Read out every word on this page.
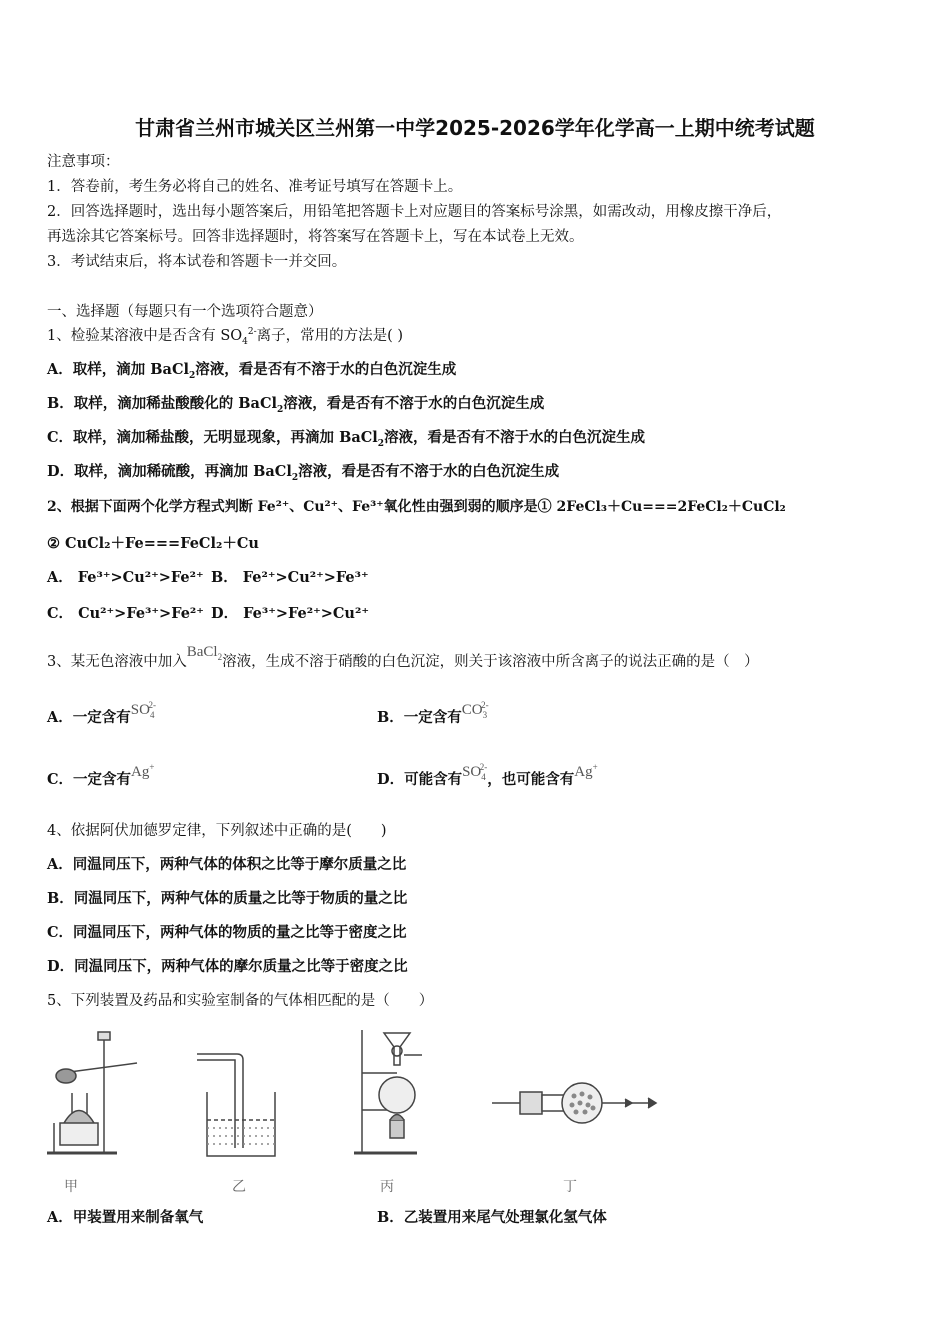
甘肃省兰州市城关区兰州第一中学2025-2026学年化学高一上期中统考试题
注意事项：
1．答卷前，考生务必将自己的姓名、准考证号填写在答题卡上。
2．回答选择题时，选出每小题答案后，用铅笔把答题卡上对应题目的答案标号涂黑，如需改动，用橡皮擦干净后，
再选涂其它答案标号。回答非选择题时，将答案写在答题卡上，写在本试卷上无效。
3．考试结束后，将本试卷和答题卡一并交回。
一、选择题（每题只有一个选项符合题意）
1、检验某溶液中是否含有 $SO_4^{2-}$离子，常用的方法是( )
A．取样，滴加 BaCl$_2$溶液，看是否有不溶于水的白色沉淀生成
B．取样，滴加稀盐酸酸化的 BaCl$_2$溶液，看是否有不溶于水的白色沉淀生成
C．取样，滴加稀盐酸，无明显现象，再滴加 BaCl$_2$溶液，看是否有不溶于水的白色沉淀生成
D．取样，滴加稀硫酸，再滴加 BaCl$_2$溶液，看是否有不溶于水的白色沉淀生成
2、根据下面两个化学方程式判断 Fe²⁺、Cu²⁺、Fe³⁺氧化性由强到弱的顺序是① 2FeCl₃＋Cu===2FeCl₂＋CuCl₂
② CuCl₂＋Fe===FeCl₂＋Cu
A． Fe³⁺>Cu²⁺>Fe²⁺ B． Fe²⁺>Cu²⁺>Fe³⁺
C． Cu²⁺>Fe³⁺>Fe²⁺ D． Fe³⁺>Fe²⁺>Cu²⁺
3、某无色溶液中加入BaCl$_2$溶液，生成不溶于硝酸的白色沉淀，则关于该溶液中所含离子的说法正确的是（　）
A．一定含有$SO_4^{2-}$
B．一定含有$CO_3^{2-}$
C．一定含有Ag+
D．可能含有$SO_4^{2-}$，也可能含有Ag+
4、依据阿伏加德罗定律，下列叙述中正确的是(　　)
A．同温同压下，两种气体的体积之比等于摩尔质量之比
B．同温同压下，两种气体的质量之比等于物质的量之比
C．同温同压下，两种气体的物质的量之比等于密度之比
D．同温同压下，两种气体的摩尔质量之比等于密度之比
5、下列装置及药品和实验室制备的气体相匹配的是（　　）
甲	乙	丙	丁
A．甲装置用来制备氧气	B．乙装置用来尾气处理氯化氢气体
